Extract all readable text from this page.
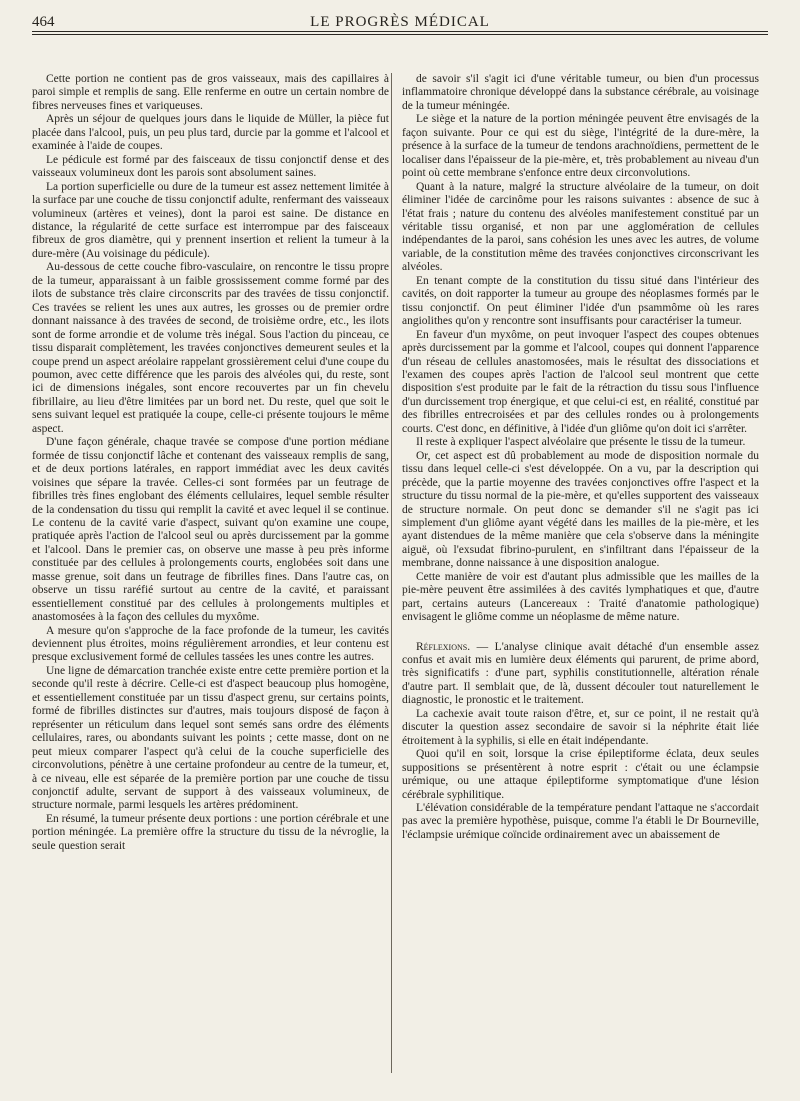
464	LE PROGRÈS MÉDICAL

Cette portion ne contient pas de gros vaisseaux, mais des capillaires à paroi simple et remplis de sang. Elle renferme en outre un certain nombre de fibres nerveuses fines et variqueuses.

Après un séjour de quelques jours dans le liquide de Müller, la pièce fut placée dans l'alcool, puis, un peu plus tard, durcie par la gomme et l'alcool et examinée à l'aide de coupes.

Le pédicule est formé par des faisceaux de tissu conjonctif dense et des vaisseaux volumineux dont les parois sont absolument saines.

La portion superficielle ou dure de la tumeur est assez nettement limitée à la surface par une couche de tissu conjonctif adulte, renfermant des vaisseaux volumineux (artères et veines), dont la paroi est saine. De distance en distance, la régularité de cette surface est interrompue par des faisceaux fibreux de gros diamètre, qui y prennent insertion et relient la tumeur à la dure-mère (Au voisinage du pédicule).

Au-dessous de cette couche fibro-vasculaire, on rencontre le tissu propre de la tumeur, apparaissant à un faible grossissement comme formé par des ilots de substance très claire circonscrits par des travées de tissu conjonctif. Ces travées se relient les unes aux autres, les grosses ou de premier ordre donnant naissance à des travées de second, de troisième ordre, etc., les ilots sont de forme arrondie et de volume très inégal. Sous l'action du pinceau, ce tissu disparait complètement, les travées conjonctives demeurent seules et la coupe prend un aspect aréolaire rappelant grossièrement celui d'une coupe du poumon, avec cette différence que les parois des alvéoles qui, du reste, sont ici de dimensions inégales, sont encore recouvertes par un fin chevelu fibrillaire, au lieu d'être limitées par un bord net. Du reste, quel que soit le sens suivant lequel est pratiquée la coupe, celle-ci présente toujours le même aspect.

D'une façon générale, chaque travée se compose d'une portion médiane formée de tissu conjonctif lâche et contenant des vaisseaux remplis de sang, et de deux portions latérales, en rapport immédiat avec les deux cavités voisines que sépare la travée. Celles-ci sont formées par un feutrage de fibrilles très fines englobant des éléments cellulaires, lequel semble résulter de la condensation du tissu qui remplit la cavité et avec lequel il se continue. Le contenu de la cavité varie d'aspect, suivant qu'on examine une coupe, pratiquée après l'action de l'alcool seul ou après durcissement par la gomme et l'alcool. Dans le premier cas, on observe une masse à peu près informe constituée par des cellules à prolongements courts, englobées soit dans une masse grenue, soit dans un feutrage de fibrilles fines. Dans l'autre cas, on observe un tissu raréfié surtout au centre de la cavité, et paraissant essentiellement constitué par des cellules à prolongements multiples et anastomosées à la façon des cellules du myxôme.

A mesure qu'on s'approche de la face profonde de la tumeur, les cavités deviennent plus étroites, moins régulièrement arrondies, et leur contenu est presque exclusivement formé de cellules tassées les unes contre les autres.

Une ligne de démarcation tranchée existe entre cette première portion et la seconde qu'il reste à décrire. Celle-ci est d'aspect beaucoup plus homogène, et essentiellement constituée par un tissu d'aspect grenu, sur certains points, formé de fibrilles distinctes sur d'autres, mais toujours disposé de façon à représenter un réticulum dans lequel sont semés sans ordre des éléments cellulaires, rares, ou abondants suivant les points ; cette masse, dont on ne peut mieux comparer l'aspect qu'à celui de la couche superficielle des circonvolutions, pénètre à une certaine profondeur au centre de la tumeur, et, à ce niveau, elle est séparée de la première portion par une couche de tissu conjonctif adulte, servant de support à des vaisseaux volumineux, de structure normale, parmi lesquels les artères prédominent.

En résumé, la tumeur présente deux portions : une portion cérébrale et une portion méningée. La première offre la structure du tissu de la névroglie, la seule question serait

de savoir s'il s'agit ici d'une véritable tumeur, ou bien d'un processus inflammatoire chronique développé dans la substance cérébrale, au voisinage de la tumeur méningée.

Le siège et la nature de la portion méningée peuvent être envisagés de la façon suivante. Pour ce qui est du siège, l'intégrité de la dure-mère, la présence à la surface de la tumeur de tendons arachnoïdiens, permettent de le localiser dans l'épaisseur de la pie-mère, et, très probablement au niveau d'un point où cette membrane s'enfonce entre deux circonvolutions.

Quant à la nature, malgré la structure alvéolaire de la tumeur, on doit éliminer l'idée de carcinôme pour les raisons suivantes : absence de suc à l'état frais ; nature du contenu des alvéoles manifestement constitué par un véritable tissu organisé, et non par une agglomération de cellules indépendantes de la paroi, sans cohésion les unes avec les autres, de volume variable, de la constitution même des travées conjonctives circonscrivant les alvéoles.

En tenant compte de la constitution du tissu situé dans l'intérieur des cavités, on doit rapporter la tumeur au groupe des néoplasmes formés par le tissu conjonctif. On peut éliminer l'idée d'un psammôme où les rares angiolithes qu'on y rencontre sont insuffisants pour caractériser la tumeur.

En faveur d'un myxôme, on peut invoquer l'aspect des coupes obtenues après durcissement par la gomme et l'alcool, coupes qui donnent l'apparence d'un réseau de cellules anastomosées, mais le résultat des dissociations et l'examen des coupes après l'action de l'alcool seul montrent que cette disposition s'est produite par le fait de la rétraction du tissu sous l'influence d'un durcissement trop énergique, et que celui-ci est, en réalité, constitué par des fibrilles entrecroisées et par des cellules rondes ou à prolongements courts. C'est donc, en définitive, à l'idée d'un gliôme qu'on doit ici s'arrêter.

Il reste à expliquer l'aspect alvéolaire que présente le tissu de la tumeur.

Or, cet aspect est dû probablement au mode de disposition normale du tissu dans lequel celle-ci s'est développée. On a vu, par la description qui précède, que la partie moyenne des travées conjonctives offre l'aspect et la structure du tissu normal de la pie-mère, et qu'elles supportent des vaisseaux de structure normale. On peut donc se demander s'il ne s'agit pas ici simplement d'un gliôme ayant végété dans les mailles de la pie-mère, et les ayant distendues de la même manière que cela s'observe dans la méningite aiguë, où l'exsudat fibrino-purulent, en s'infiltrant dans l'épaisseur de la membrane, donne naissance à une disposition analogue.

Cette manière de voir est d'autant plus admissible que les mailles de la pie-mère peuvent être assimilées à des cavités lymphatiques et que, d'autre part, certains auteurs (Lancereaux : Traité d'anatomie pathologique) envisagent le gliôme comme un néoplasme de même nature.

Réflexions. — L'analyse clinique avait détaché d'un ensemble assez confus et avait mis en lumière deux éléments qui parurent, de prime abord, très significatifs : d'une part, syphilis constitutionnelle, altération rénale d'autre part. Il semblait que, de là, dussent découler tout naturellement le diagnostic, le pronostic et le traitement.

La cachexie avait toute raison d'être, et, sur ce point, il ne restait qu'à discuter la question assez secondaire de savoir si la néphrite était liée étroitement à la syphilis, si elle en était indépendante.

Quoi qu'il en soit, lorsque la crise épileptiforme éclata, deux seules suppositions se présentèrent à notre esprit : c'était ou une éclampsie urémique, ou une attaque épileptiforme symptomatique d'une lésion cérébrale syphilitique.

L'élévation considérable de la température pendant l'attaque ne s'accordait pas avec la première hypothèse, puisque, comme l'a établi le Dr Bourneville, l'éclampsie urémique coïncide ordinairement avec un abaissement de
